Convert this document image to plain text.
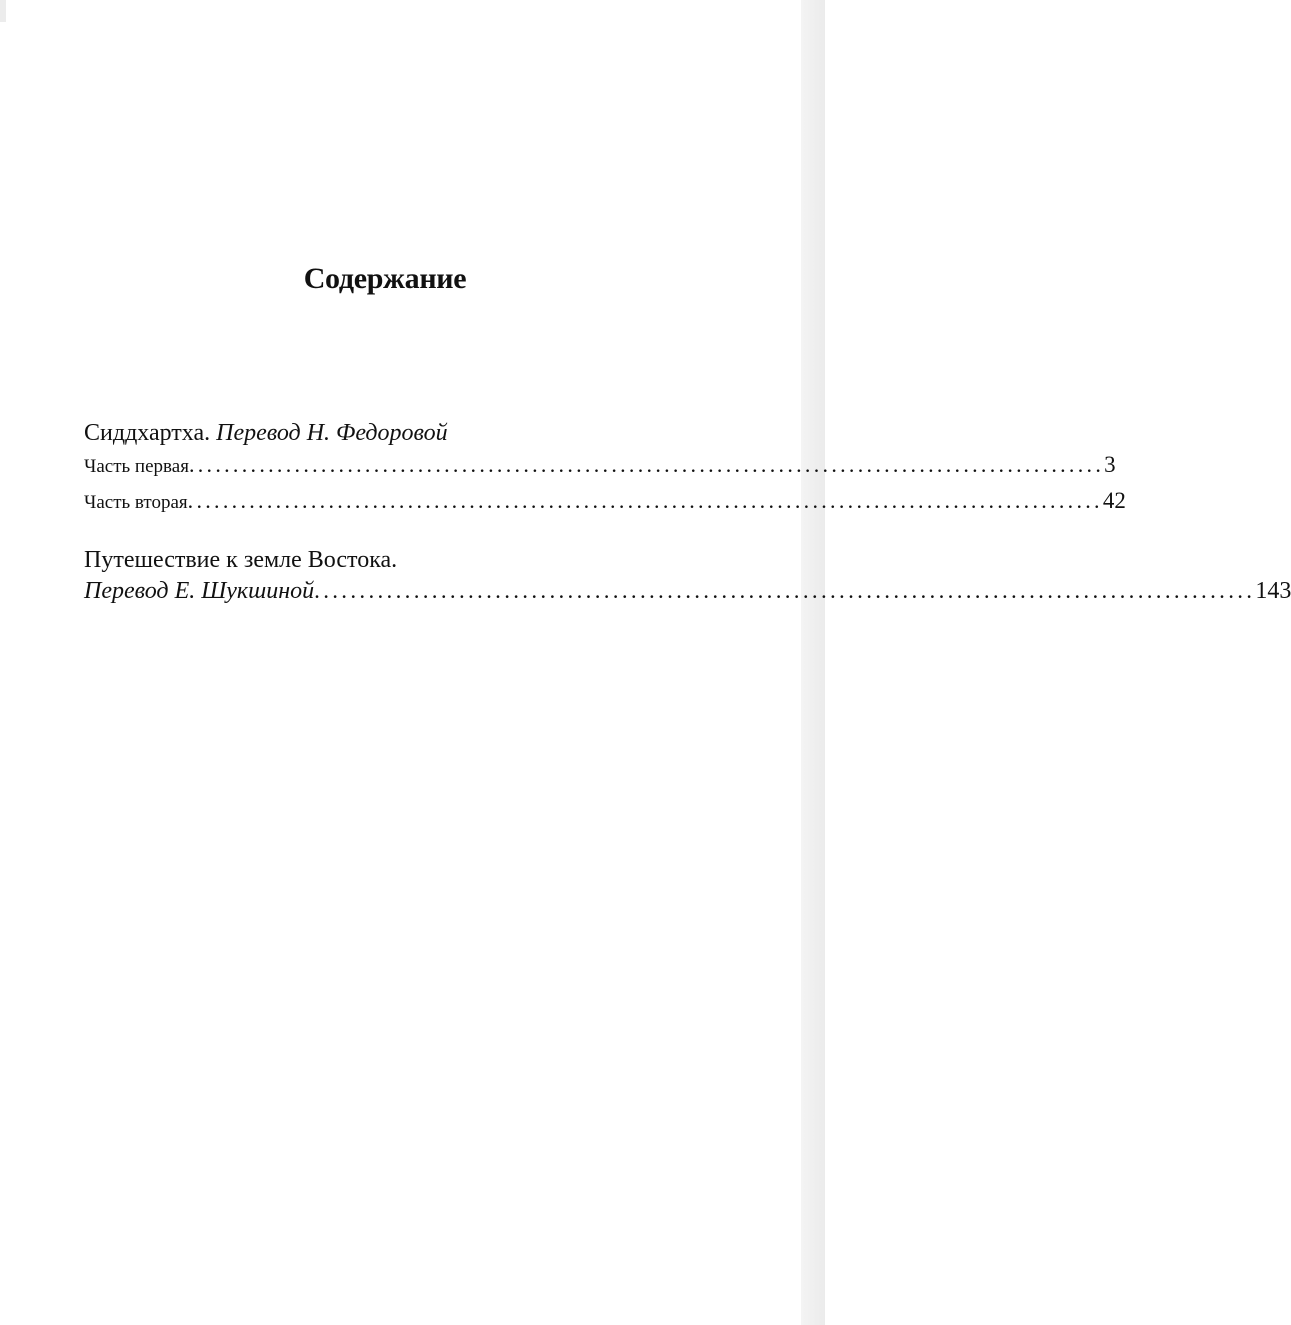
Содержание
Сиддхартха. Перевод Н. Федоровой
Часть первая ........................................................................................................ 3
Часть вторая ........................................................................................................ 42
Путешествие к земле Востока.
Перевод Е. Шукшиной ........................................................................................................ 143
